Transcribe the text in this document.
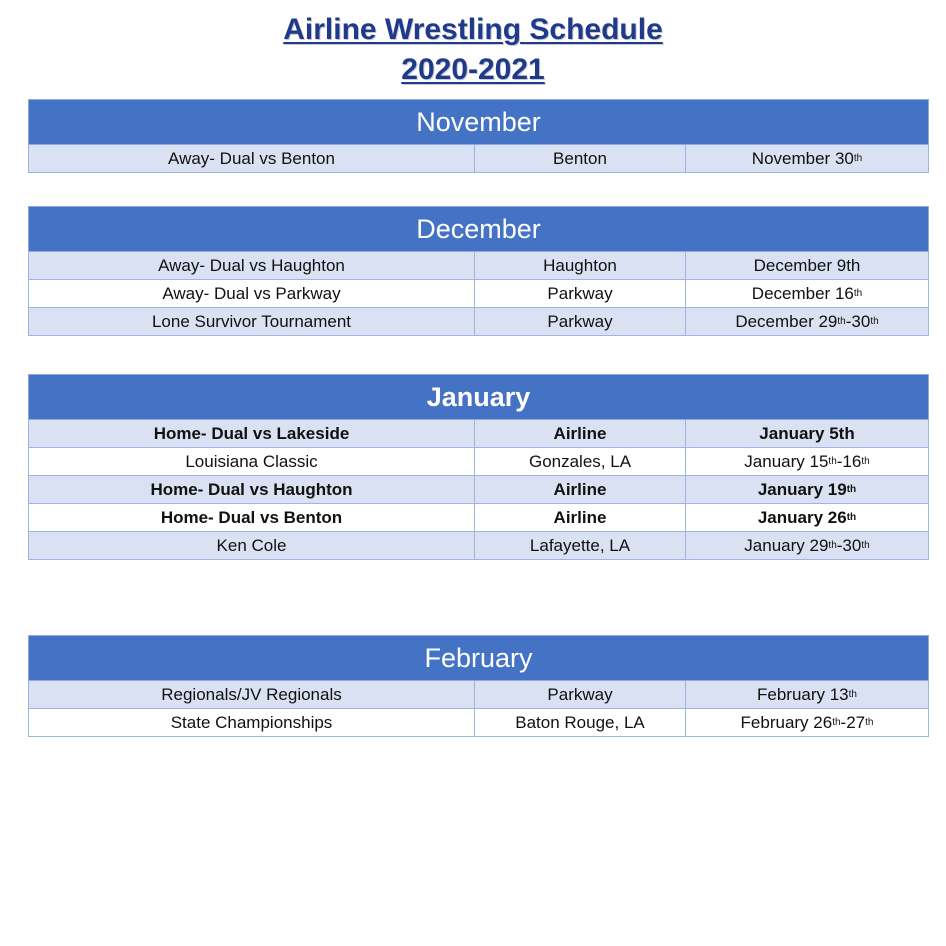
Airline Wrestling Schedule
2020-2021
November
Away- Dual vs Benton	Benton	November 30 th
December
Away- Dual vs Haughton	Haughton	December 9th
Away- Dual vs Parkway	Parkway	December 16 th
Lone Survivor Tournament	Parkway	December 29 th -30 th
January
Home- Dual vs Lakeside	Airline	January 5th
Louisiana Classic	Gonzales, LA	January 15 th -16 th
Home- Dual vs Haughton	Airline	January 19 th
Home- Dual vs Benton	Airline	January 26 th
Ken Cole	Lafayette, LA	January 29 th -30 th
February
Regionals/JV Regionals	Parkway	February 13 th
State Championships	Baton Rouge, LA	February 26 th -27 th
